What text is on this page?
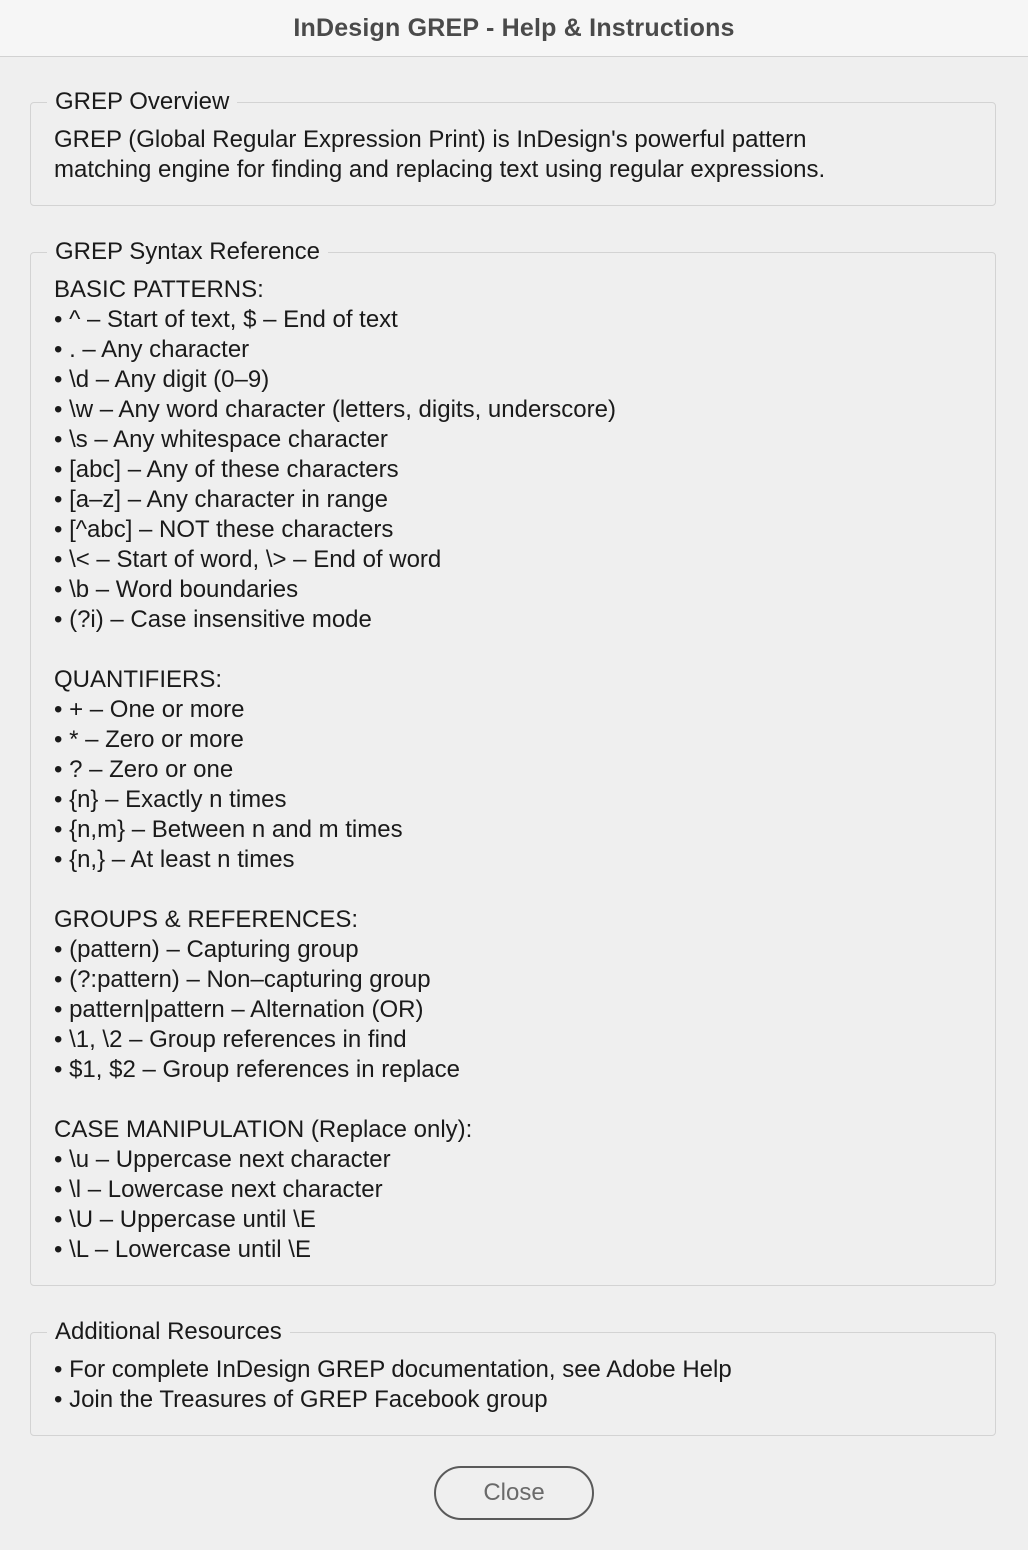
InDesign GREP - Help & Instructions
GREP Overview
GREP (Global Regular Expression Print) is InDesign's powerful pattern
matching engine for finding and replacing text using regular expressions.
GREP Syntax Reference
BASIC PATTERNS:
• ^ – Start of text, $ – End of text
• . – Any character
• \d – Any digit (0–9)
• \w – Any word character (letters, digits, underscore)
• \s – Any whitespace character
• [abc] – Any of these characters
• [a–z] – Any character in range
• [^abc] – NOT these characters
• \< – Start of word, \> – End of word
• \b – Word boundaries
• (?i) – Case insensitive mode
QUANTIFIERS:
• + – One or more
• * – Zero or more
• ? – Zero or one
• {n} – Exactly n times
• {n,m} – Between n and m times
• {n,} – At least n times
GROUPS & REFERENCES:
• (pattern) – Capturing group
• (?:pattern) – Non–capturing group
• pattern|pattern – Alternation (OR)
• \1, \2 – Group references in find
• $1, $2 – Group references in replace
CASE MANIPULATION (Replace only):
• \u – Uppercase next character
• \l – Lowercase next character
• \U – Uppercase until \E
• \L – Lowercase until \E
Additional Resources
• For complete InDesign GREP documentation, see Adobe Help
• Join the Treasures of GREP Facebook group
Close
